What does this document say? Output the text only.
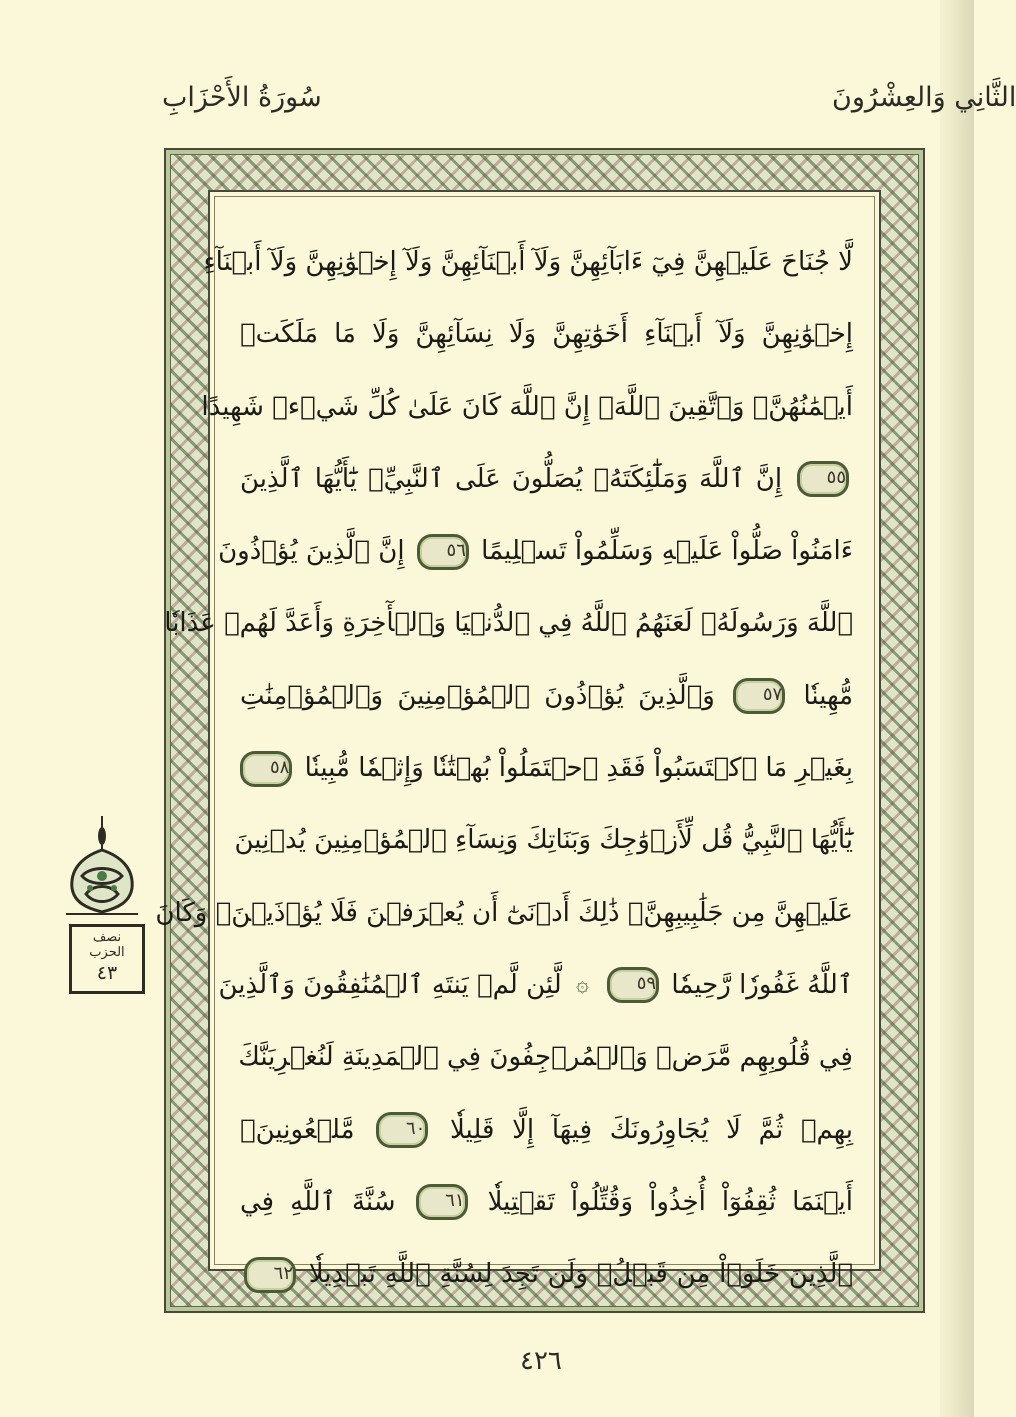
سُورَةُ الأَحْزَابِ	الثَّانِي وَالعِشْرُونَ
لَّا جُنَاحَ عَلَيۡهِنَّ فِيٓ ءَابَآئِهِنَّ وَلَآ أَبۡنَآئِهِنَّ وَلَآ إِخۡوَٰنِهِنَّ وَلَآ أَبۡنَآءِ
إِخۡوَٰنِهِنَّ وَلَآ أَبۡنَآءِ أَخَوَٰتِهِنَّ وَلَا نِسَآئِهِنَّ وَلَا مَا مَلَكَتۡ
أَيۡمَٰنُهُنَّۗ وَٱتَّقِينَ ٱللَّهَۚ إِنَّ ٱللَّهَ كَانَ عَلَىٰ كُلِّ شَيۡءٖ شَهِيدًا
٥٥ إِنَّ ٱللَّهَ وَمَلَٰٓئِكَتَهُۥ يُصَلُّونَ عَلَى ٱلنَّبِيِّۚ يَٰٓأَيُّهَا ٱلَّذِينَ
ءَامَنُواْ صَلُّواْ عَلَيۡهِ وَسَلِّمُواْ تَسۡلِيمًا ٥٦ إِنَّ ٱلَّذِينَ يُؤۡذُونَ
ٱللَّهَ وَرَسُولَهُۥ لَعَنَهُمُ ٱللَّهُ فِي ٱلدُّنۡيَا وَٱلۡأٓخِرَةِ وَأَعَدَّ لَهُمۡ عَذَابٗا
مُّهِينٗا ٥٧ وَٱلَّذِينَ يُؤۡذُونَ ٱلۡمُؤۡمِنِينَ وَٱلۡمُؤۡمِنَٰتِ
بِغَيۡرِ مَا ٱكۡتَسَبُواْ فَقَدِ ٱحۡتَمَلُواْ بُهۡتَٰنٗا وَإِثۡمٗا مُّبِينٗا ٥٨
يَٰٓأَيُّهَا ٱلنَّبِيُّ قُل لِّأَزۡوَٰجِكَ وَبَنَاتِكَ وَنِسَآءِ ٱلۡمُؤۡمِنِينَ يُدۡنِينَ
عَلَيۡهِنَّ مِن جَلَٰبِيبِهِنَّۚ ذَٰلِكَ أَدۡنَىٰٓ أَن يُعۡرَفۡنَ فَلَا يُؤۡذَيۡنَۗ وَكَانَ
ٱللَّهُ غَفُورٗا رَّحِيمٗا ٥٩ ۞ لَّئِن لَّمۡ يَنتَهِ ٱلۡمُنَٰفِقُونَ وَٱلَّذِينَ
فِي قُلُوبِهِم مَّرَضٞ وَٱلۡمُرۡجِفُونَ فِي ٱلۡمَدِينَةِ لَنُغۡرِيَنَّكَ
بِهِمۡ ثُمَّ لَا يُجَاوِرُونَكَ فِيهَآ إِلَّا قَلِيلٗا ٦٠ مَّلۡعُونِينَۖ
أَيۡنَمَا ثُقِفُوٓاْ أُخِذُواْ وَقُتِّلُواْ تَقۡتِيلٗا ٦١ سُنَّةَ ٱللَّهِ فِي
ٱلَّذِينَ خَلَوۡاْ مِن قَبۡلُۖ وَلَن تَجِدَ لِسُنَّةِ ٱللَّهِ تَبۡدِيلٗا ٦٢
نصف
الحزب
٤٣
٤٢٦
